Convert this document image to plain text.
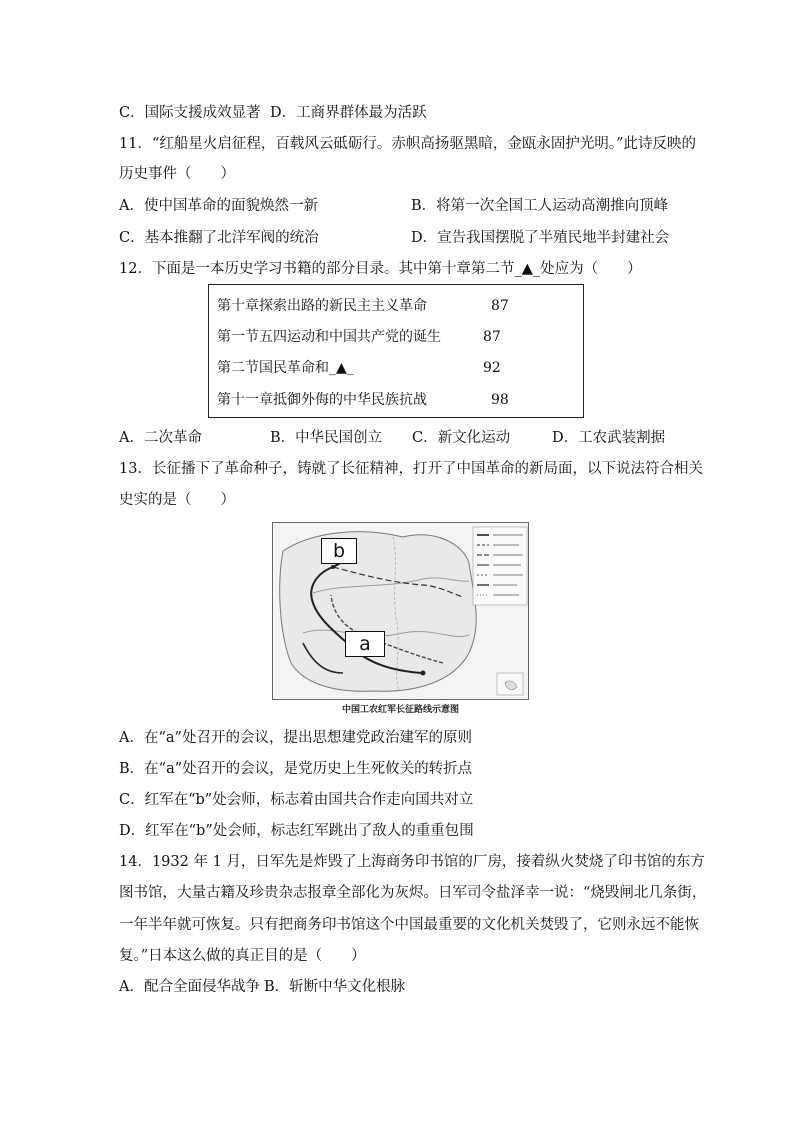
C．国际支援成效显著 D．工商界群体最为活跃
11．“红船星火启征程，百载风云砥砺行。赤帜高扬驱黑暗，金瓯永固护光明。”此诗反映的
历史事件（　　）
A．使中国革命的面貌焕然一新	B．将第一次全国工人运动高潮推向顶峰
C．基本推翻了北洋军阀的统治	D．宣告我国摆脱了半殖民地半封建社会
12．下面是一本历史学习书籍的部分目录。其中第十章第二节_▲_处应为（　　）
第十章探索出路的新民主主义革命	87
第一节五四运动和中国共产党的诞生	87
第二节国民革命和_▲_	92
第十一章抵御外侮的中华民族抗战	98
A．二次革命	B．中华民国创立 C．新文化运动	D．工农武装割据
13．长征播下了革命种子，铸就了长征精神，打开了中国革命的新局面，以下说法符合相关
史实的是（　　）
b
a
中国工农红军长征路线示意图
A．在“a”处召开的会议，提出思想建党政治建军的原则
B．在“a”处召开的会议，是党历史上生死攸关的转折点
C．红军在“b”处会师，标志着由国共合作走向国共对立
D．红军在“b”处会师，标志红军跳出了敌人的重重包围
14．1932 年 1 月，日军先是炸毁了上海商务印书馆的厂房，接着纵火焚烧了印书馆的东方
图书馆，大量古籍及珍贵杂志报章全部化为灰烬。日军司令盐泽幸一说：“烧毁闸北几条街，
一年半年就可恢复。只有把商务印书馆这个中国最重要的文化机关焚毁了，它则永远不能恢
复。”日本这么做的真正目的是（　　）
A．配合全面侵华战争 B．斩断中华文化根脉
